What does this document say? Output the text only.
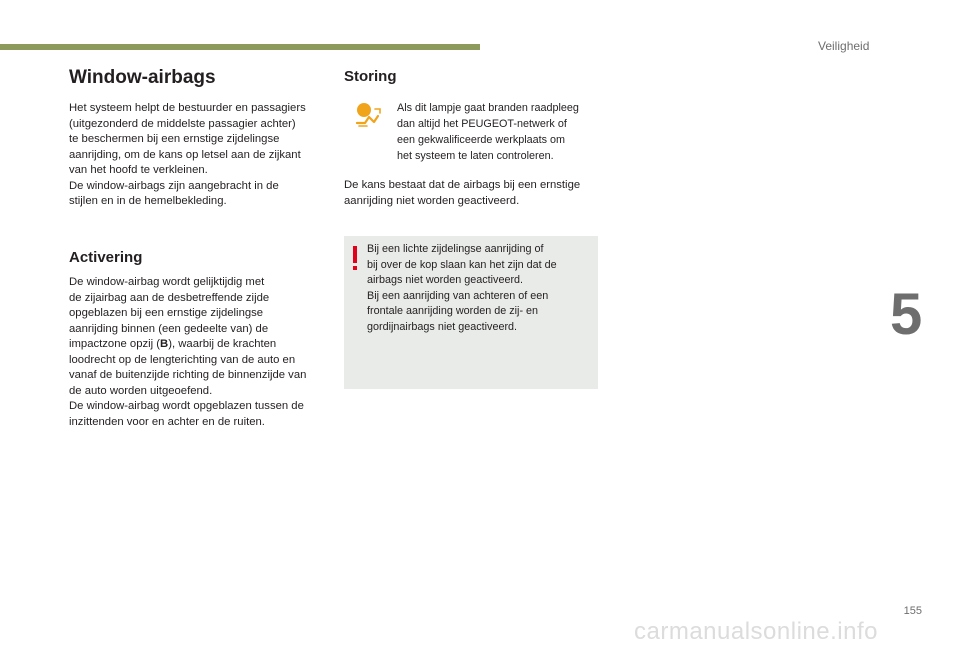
Veiligheid
Window-airbags
Het systeem helpt de bestuurder en passagiers
(uitgezonderd de middelste passagier achter)
te beschermen bij een ernstige zijdelingse
aanrijding, om de kans op letsel aan de zijkant
van het hoofd te verkleinen.
De window-airbags zijn aangebracht in de
stijlen en in de hemelbekleding.
Activering
De window-airbag wordt gelijktijdig met
de zijairbag aan de desbetreffende zijde
opgeblazen bij een ernstige zijdelingse
aanrijding binnen (een gedeelte van) de
impactzone opzij (B), waarbij de krachten
loodrecht op de lengterichting van de auto en
vanaf de buitenzijde richting de binnenzijde van
de auto worden uitgeoefend.
De window-airbag wordt opgeblazen tussen de
inzittenden voor en achter en de ruiten.
Storing
Als dit lampje gaat branden raadpleeg
dan altijd het PEUGEOT-netwerk of
een gekwalificeerde werkplaats om
het systeem te laten controleren.
De kans bestaat dat de airbags bij een ernstige
aanrijding niet worden geactiveerd.
Bij een lichte zijdelingse aanrijding of
bij over de kop slaan kan het zijn dat de
airbags niet worden geactiveerd.
Bij een aanrijding van achteren of een
frontale aanrijding worden de zij- en
gordijnairbags niet geactiveerd.	5
155
carmanualsonline.info
